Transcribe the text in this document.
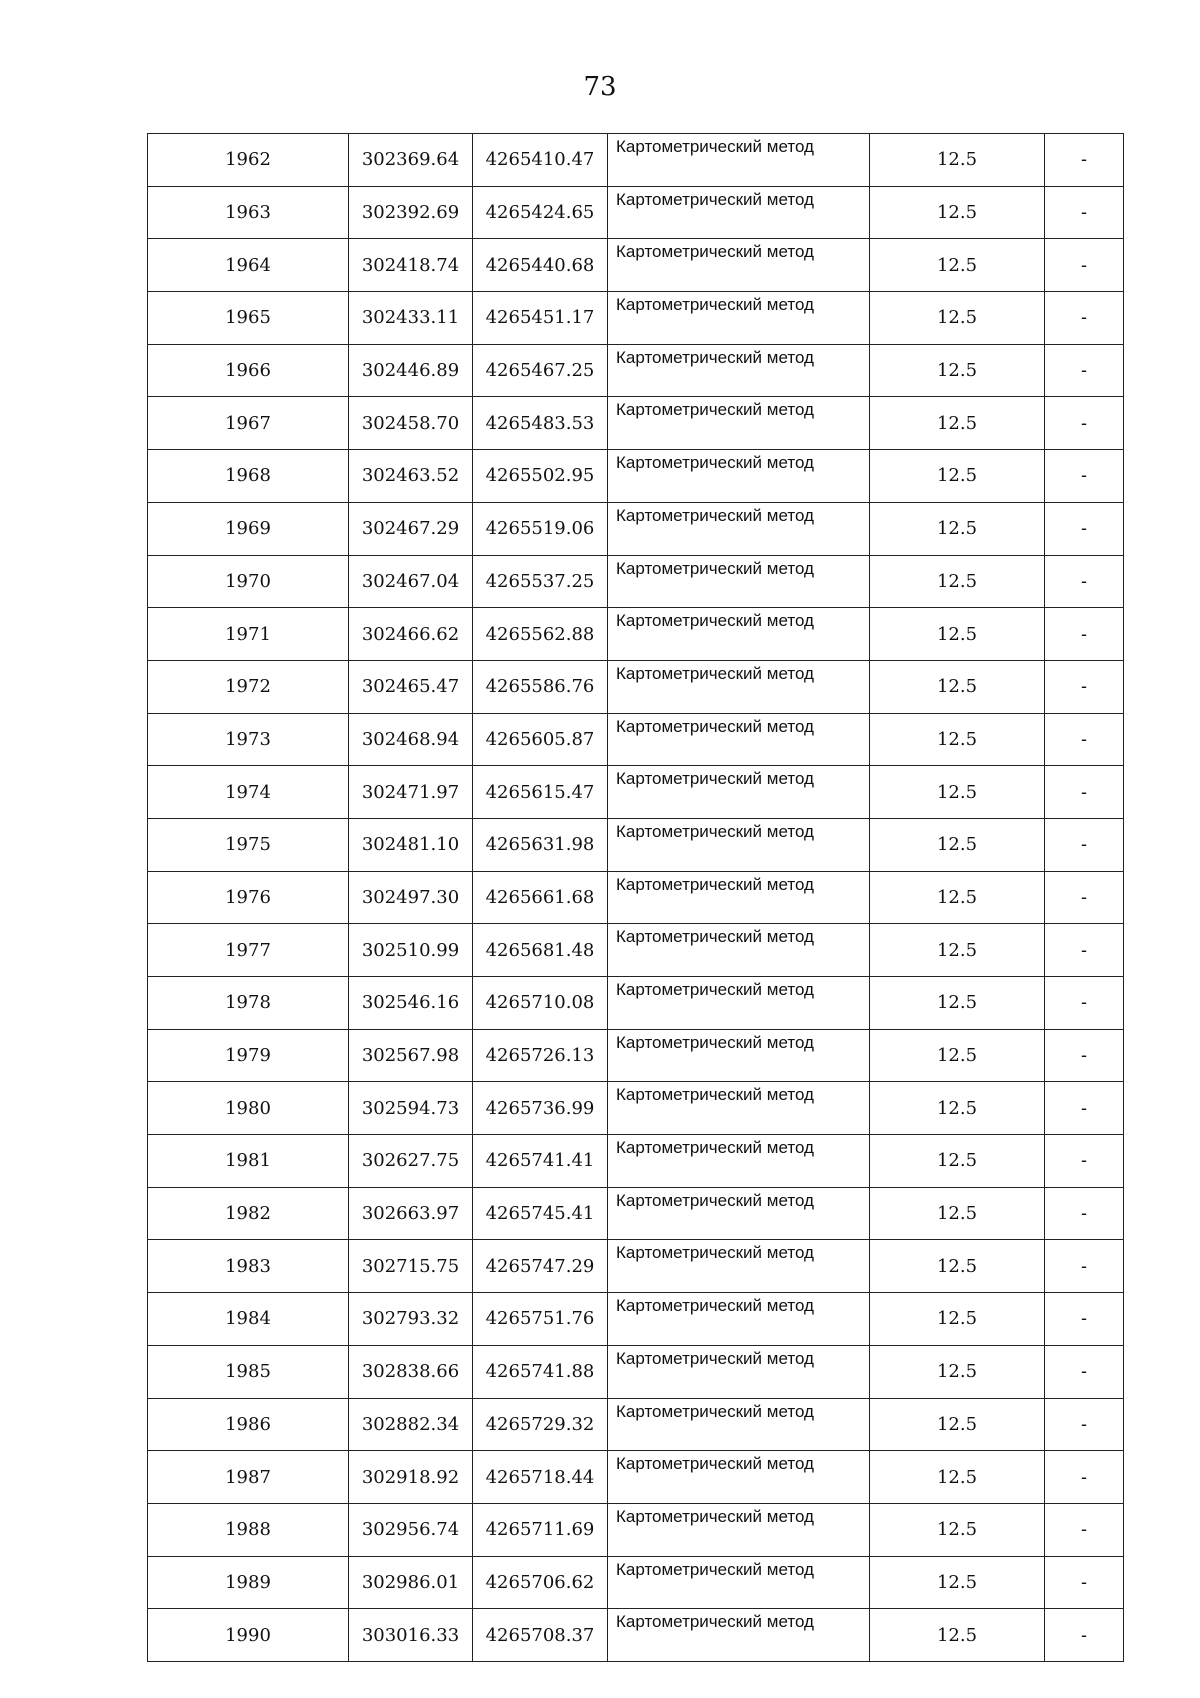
73
1962	302369.64	4265410.47	Картометрический метод	12.5	-
1963	302392.69	4265424.65	Картометрический метод	12.5	-
1964	302418.74	4265440.68	Картометрический метод	12.5	-
1965	302433.11	4265451.17	Картометрический метод	12.5	-
1966	302446.89	4265467.25	Картометрический метод	12.5	-
1967	302458.70	4265483.53	Картометрический метод	12.5	-
1968	302463.52	4265502.95	Картометрический метод	12.5	-
1969	302467.29	4265519.06	Картометрический метод	12.5	-
1970	302467.04	4265537.25	Картометрический метод	12.5	-
1971	302466.62	4265562.88	Картометрический метод	12.5	-
1972	302465.47	4265586.76	Картометрический метод	12.5	-
1973	302468.94	4265605.87	Картометрический метод	12.5	-
1974	302471.97	4265615.47	Картометрический метод	12.5	-
1975	302481.10	4265631.98	Картометрический метод	12.5	-
1976	302497.30	4265661.68	Картометрический метод	12.5	-
1977	302510.99	4265681.48	Картометрический метод	12.5	-
1978	302546.16	4265710.08	Картометрический метод	12.5	-
1979	302567.98	4265726.13	Картометрический метод	12.5	-
1980	302594.73	4265736.99	Картометрический метод	12.5	-
1981	302627.75	4265741.41	Картометрический метод	12.5	-
1982	302663.97	4265745.41	Картометрический метод	12.5	-
1983	302715.75	4265747.29	Картометрический метод	12.5	-
1984	302793.32	4265751.76	Картометрический метод	12.5	-
1985	302838.66	4265741.88	Картометрический метод	12.5	-
1986	302882.34	4265729.32	Картометрический метод	12.5	-
1987	302918.92	4265718.44	Картометрический метод	12.5	-
1988	302956.74	4265711.69	Картометрический метод	12.5	-
1989	302986.01	4265706.62	Картометрический метод	12.5	-
1990	303016.33	4265708.37	Картометрический метод	12.5	-
